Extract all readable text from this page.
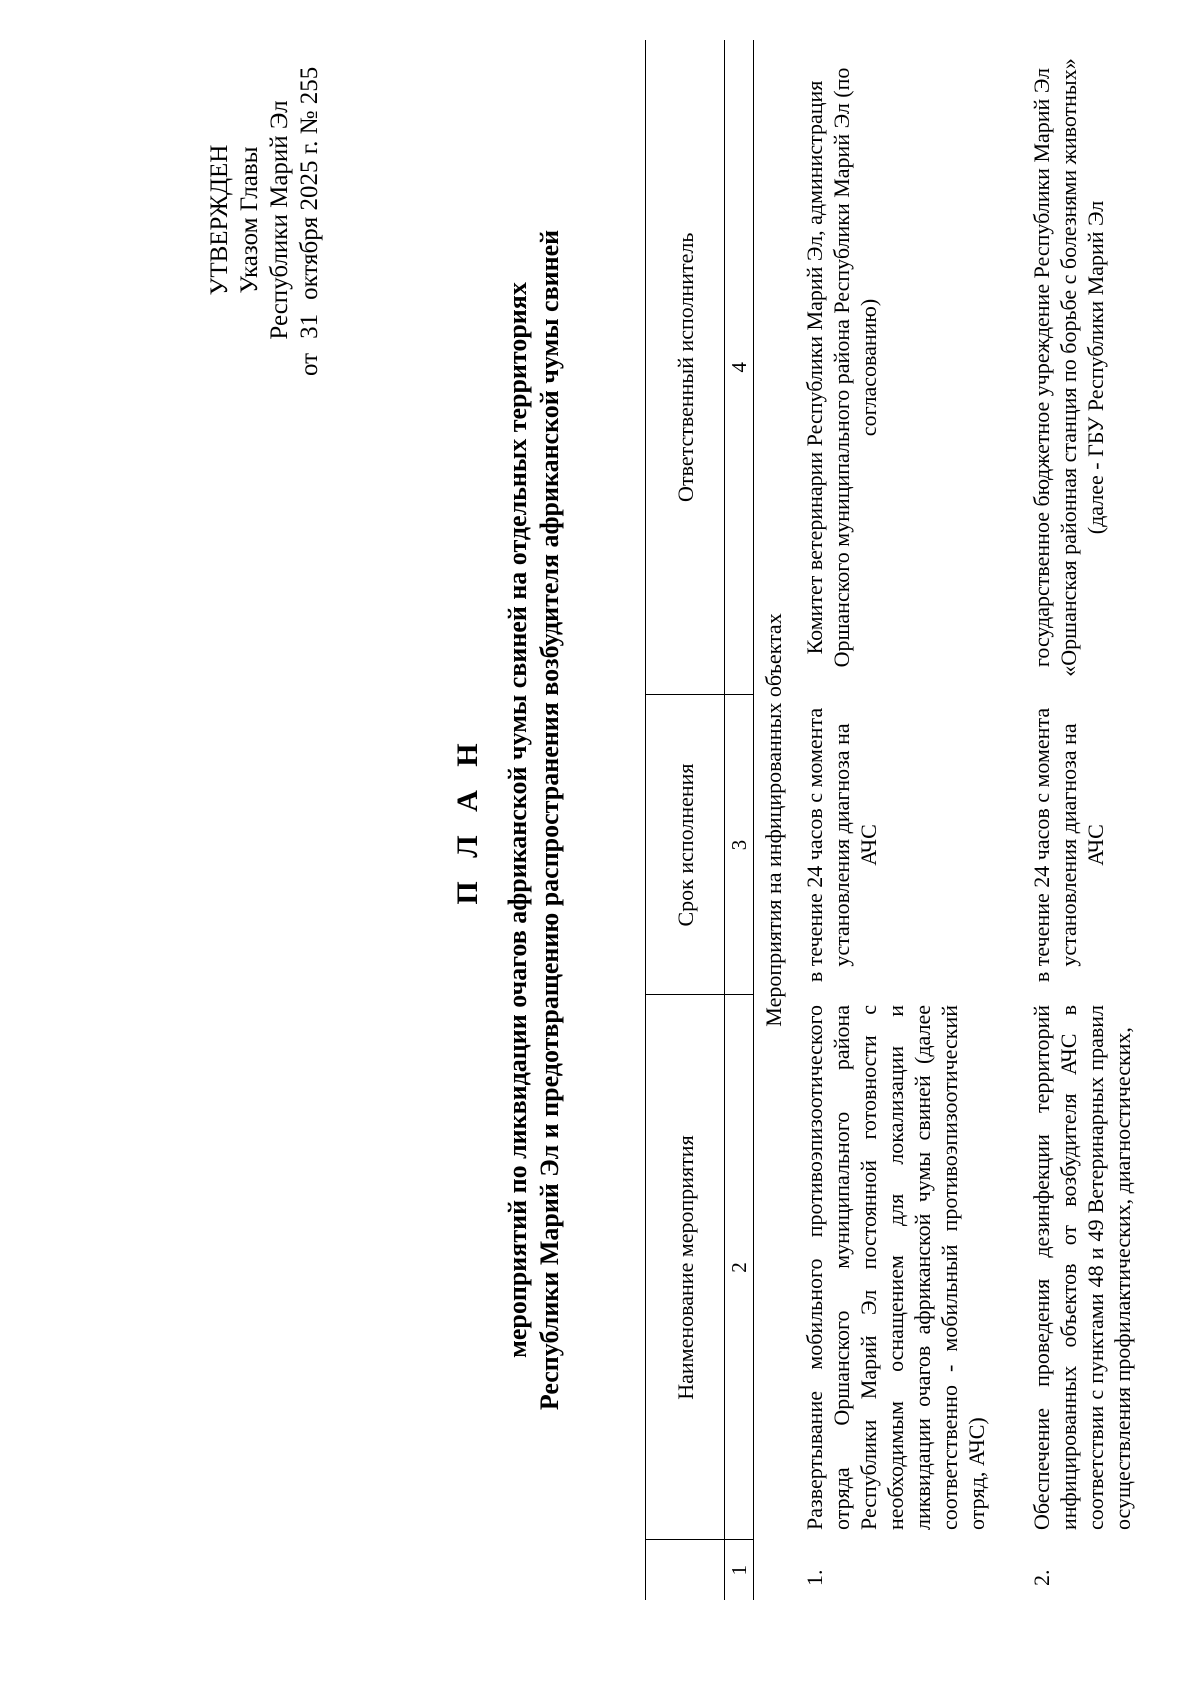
УТВЕРЖДЕН Указом Главы Республики Марий Эл
от31октября 2025 г. № 255
П Л А Н мероприятий по ликвидации очагов африканской чумы свиней на отдельных территориях Республики Марий Эл и предотвращению распространения возбудителя африканской чумы свиней
		Наименование мероприятия	Срок исполнения	Ответственный исполнитель
1	2	3	4
Мероприятия на инфицированных объектах			
1.	Развертывание мобильного противоэпизоотического отряда Оршанского муниципального района Республики Марий Эл постоянной готовности с необходимым оснащением для локализации и ликвидации очагов африканской чумы свиней (далее соответственно - мобильный противоэпизоотический отряд, АЧС)	в течение 24 часов с момента установления диагноза на АЧС	Комитет ветеринарии Республики Марий Эл, администрация Оршанского муниципального района Республики Марий Эл (по согласованию)

2.	Обеспечение проведения дезинфекции территорий инфицированных объектов от возбудителя АЧС в соответствии с пунктами 48 и 49 Ветеринарных правил осуществления профилактических, диагностических,	в течение 24 часов с момента установления диагноза на АЧС	государственное бюджетное учреждение Республики Марий Эл «Оршанская районная станция по борьбе с болезнями животных» (далее - ГБУ Республики Марий Эл
